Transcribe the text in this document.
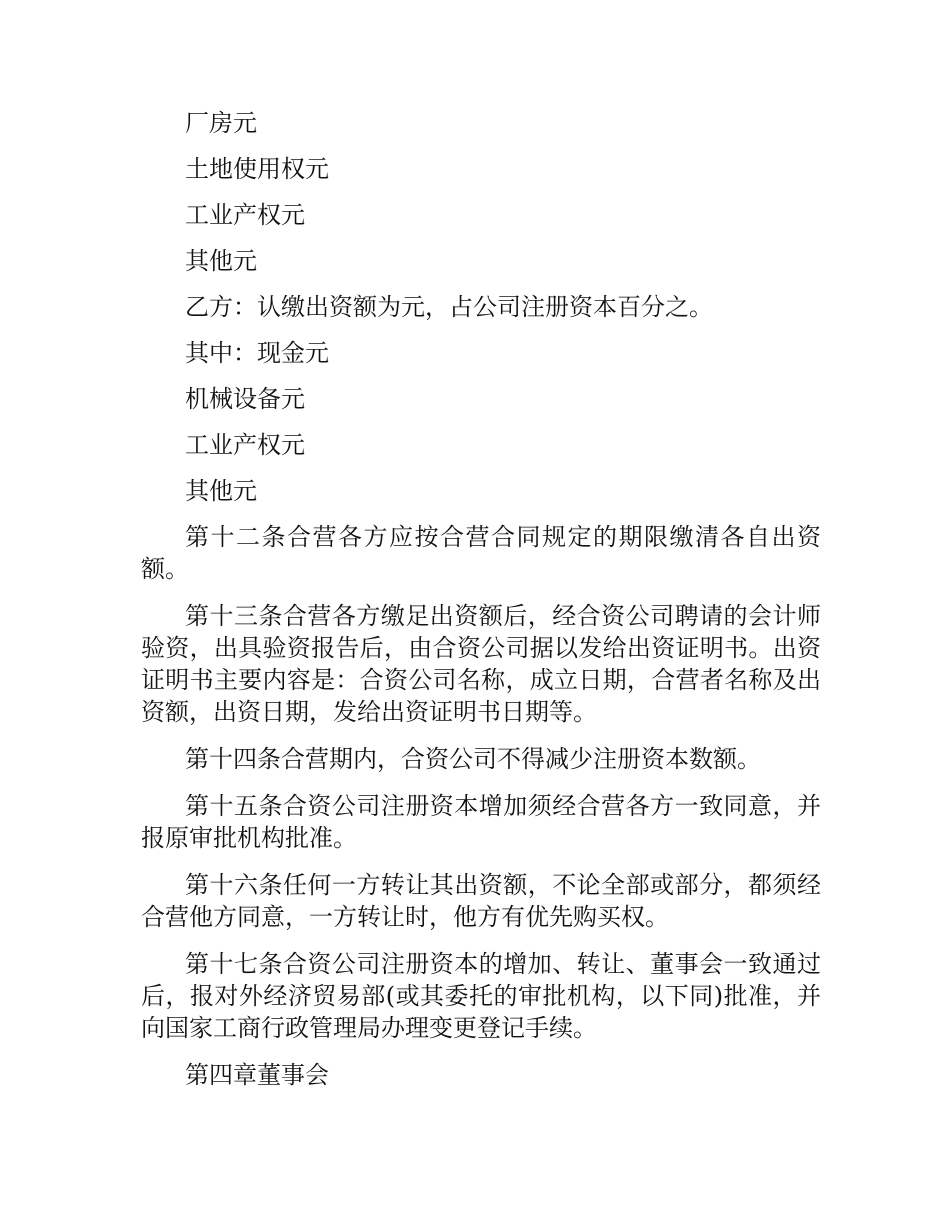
厂房元

土地使用权元

工业产权元

其他元

乙方：认缴出资额为元，占公司注册资本百分之。

其中：现金元

机械设备元

工业产权元

其他元

第十二条合营各方应按合营合同规定的期限缴清各自出资额。

第十三条合营各方缴足出资额后，经合资公司聘请的会计师验资，出具验资报告后，由合资公司据以发给出资证明书。出资证明书主要内容是：合资公司名称，成立日期，合营者名称及出资额，出资日期，发给出资证明书日期等。

第十四条合营期内，合资公司不得减少注册资本数额。

第十五条合资公司注册资本增加须经合营各方一致同意，并报原审批机构批准。

第十六条任何一方转让其出资额，不论全部或部分，都须经合营他方同意，一方转让时，他方有优先购买权。

第十七条合资公司注册资本的增加、转让、董事会一致通过后，报对外经济贸易部(或其委托的审批机构，以下同)批准，并向国家工商行政管理局办理变更登记手续。

第四章董事会
